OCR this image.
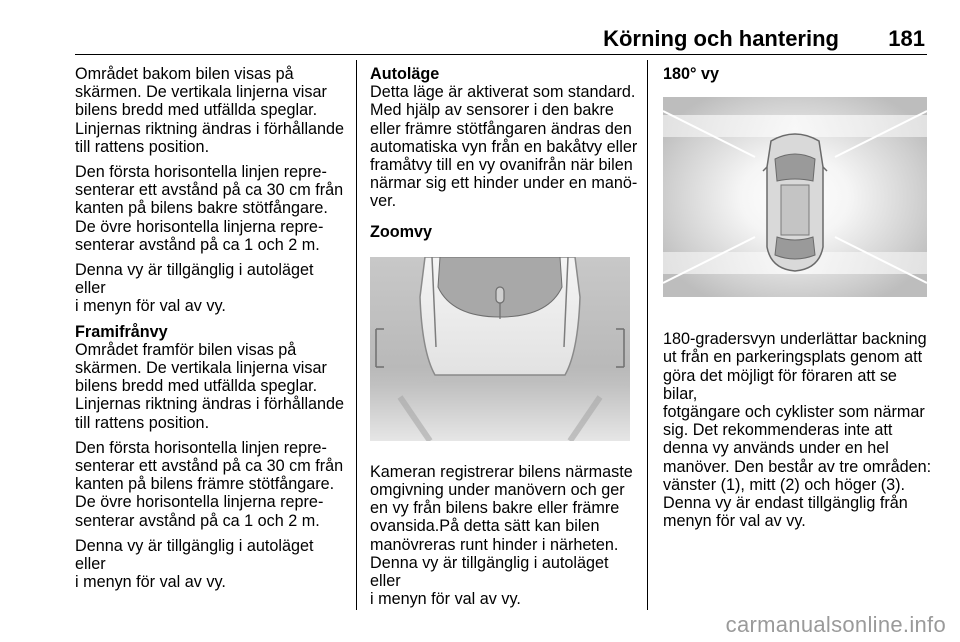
Körning och hantering 181

Området bakom bilen visas på
skärmen. De vertikala linjerna visar
bilens bredd med utfällda speglar.
Linjernas riktning ändras i förhållande
till rattens position.

Den första horisontella linjen repre-
senterar ett avstånd på ca 30 cm från
kanten på bilens bakre stötfångare.
De övre horisontella linjerna repre-
senterar avstånd på ca 1 och 2 m.

Denna vy är tillgänglig i autoläget eller
i menyn för val av vy.

Framifrånvy

Området framför bilen visas på
skärmen. De vertikala linjerna visar
bilens bredd med utfällda speglar.
Linjernas riktning ändras i förhållande
till rattens position.

Den första horisontella linjen repre-
senterar ett avstånd på ca 30 cm från
kanten på bilens främre stötfångare.
De övre horisontella linjerna repre-
senterar avstånd på ca 1 och 2 m.

Denna vy är tillgänglig i autoläget eller
i menyn för val av vy.

Autoläge

Detta läge är aktiverat som standard.
Med hjälp av sensorer i den bakre
eller främre stötfångaren ändras den
automatiska vyn från en bakåtvy eller
framåtvy till en vy ovanifrån när bilen
närmar sig ett hinder under en manö-
ver.

Zoomvy

Kameran registrerar bilens närmaste
omgivning under manövern och ger
en vy från bilens bakre eller främre
ovansida.På detta sätt kan bilen
manövreras runt hinder i närheten.
Denna vy är tillgänglig i autoläget eller
i menyn för val av vy.

180° vy

180-gradersvyn underlättar backning
ut från en parkeringsplats genom att
göra det möjligt för föraren att se bilar,
fotgängare och cyklister som närmar
sig. Det rekommenderas inte att
denna vy används under en hel
manöver. Den består av tre områden:
vänster (1), mitt (2) och höger (3).
Denna vy är endast tillgänglig från
menyn för val av vy.

carmanualsonline.info
